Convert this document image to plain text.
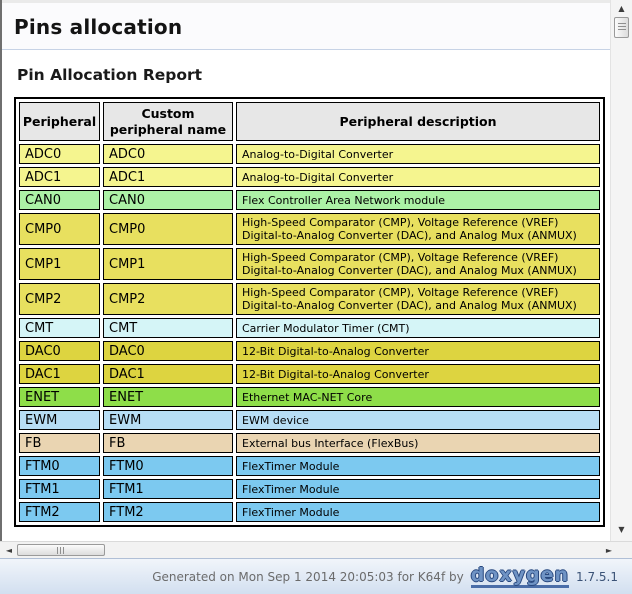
Pins allocation
Pin Allocation Report
Peripheral	Custom peripheral name	Peripheral description
ADC0	ADC0	Analog-to-Digital Converter
ADC1	ADC1	Analog-to-Digital Converter
CAN0	CAN0	Flex Controller Area Network module
CMP0	CMP0	High-Speed Comparator (CMP), Voltage Reference (VREF) Digital-to-Analog Converter (DAC), and Analog Mux (ANMUX)
CMP1	CMP1	High-Speed Comparator (CMP), Voltage Reference (VREF) Digital-to-Analog Converter (DAC), and Analog Mux (ANMUX)
CMP2	CMP2	High-Speed Comparator (CMP), Voltage Reference (VREF) Digital-to-Analog Converter (DAC), and Analog Mux (ANMUX)
CMT	CMT	Carrier Modulator Timer (CMT)
DAC0	DAC0	12-Bit Digital-to-Analog Converter
DAC1	DAC1	12-Bit Digital-to-Analog Converter
ENET	ENET	Ethernet MAC-NET Core
EWM	EWM	EWM device
FB	FB	External bus Interface (FlexBus)
FTM0	FTM0	FlexTimer Module
FTM1	FTM1	FlexTimer Module
FTM2	FTM2	FlexTimer Module
▲
▼
◄	►
Generated on Mon Sep 1 2014 20:05:03 for K64f by doxygen 1.7.5.1
